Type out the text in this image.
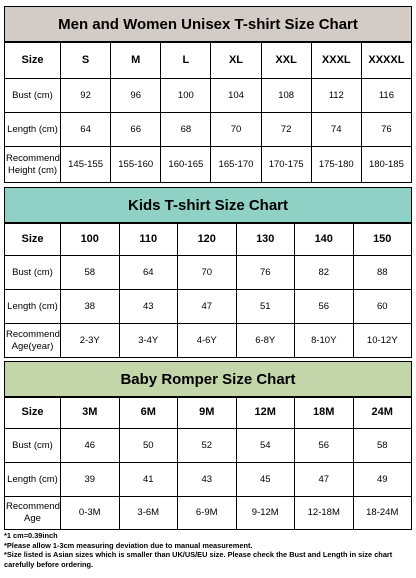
Men and Women Unisex T-shirt Size Chart
Size	S	M	L	XL	XXL	XXXL	XXXXL
Bust (cm)	92	96	100	104	108	112	116
Length (cm)	64	66	68	70	72	74	76
Recommend Height (cm)	145-155	155-160	160-165	165-170	170-175	175-180	180-185
Kids T-shirt Size Chart
Size	100	110	120	130	140	150
Bust (cm)	58	64	70	76	82	88
Length (cm)	38	43	47	51	56	60
Recommend Age(year)	2-3Y	3-4Y	4-6Y	6-8Y	8-10Y	10-12Y
Baby Romper Size Chart
Size	3M	6M	9M	12M	18M	24M
Bust (cm)	46	50	52	54	56	58
Length (cm)	39	41	43	45	47	49
Recommend Age	0-3M	3-6M	6-9M	9-12M	12-18M	18-24M
*1 cm=0.39inch
*Please allow 1-3cm measuring deviation due to manual measurement.
*Size listed is Asian sizes which is smaller than UK/US/EU size. Please check the Bust and Length in size chart carefully before ordering.
